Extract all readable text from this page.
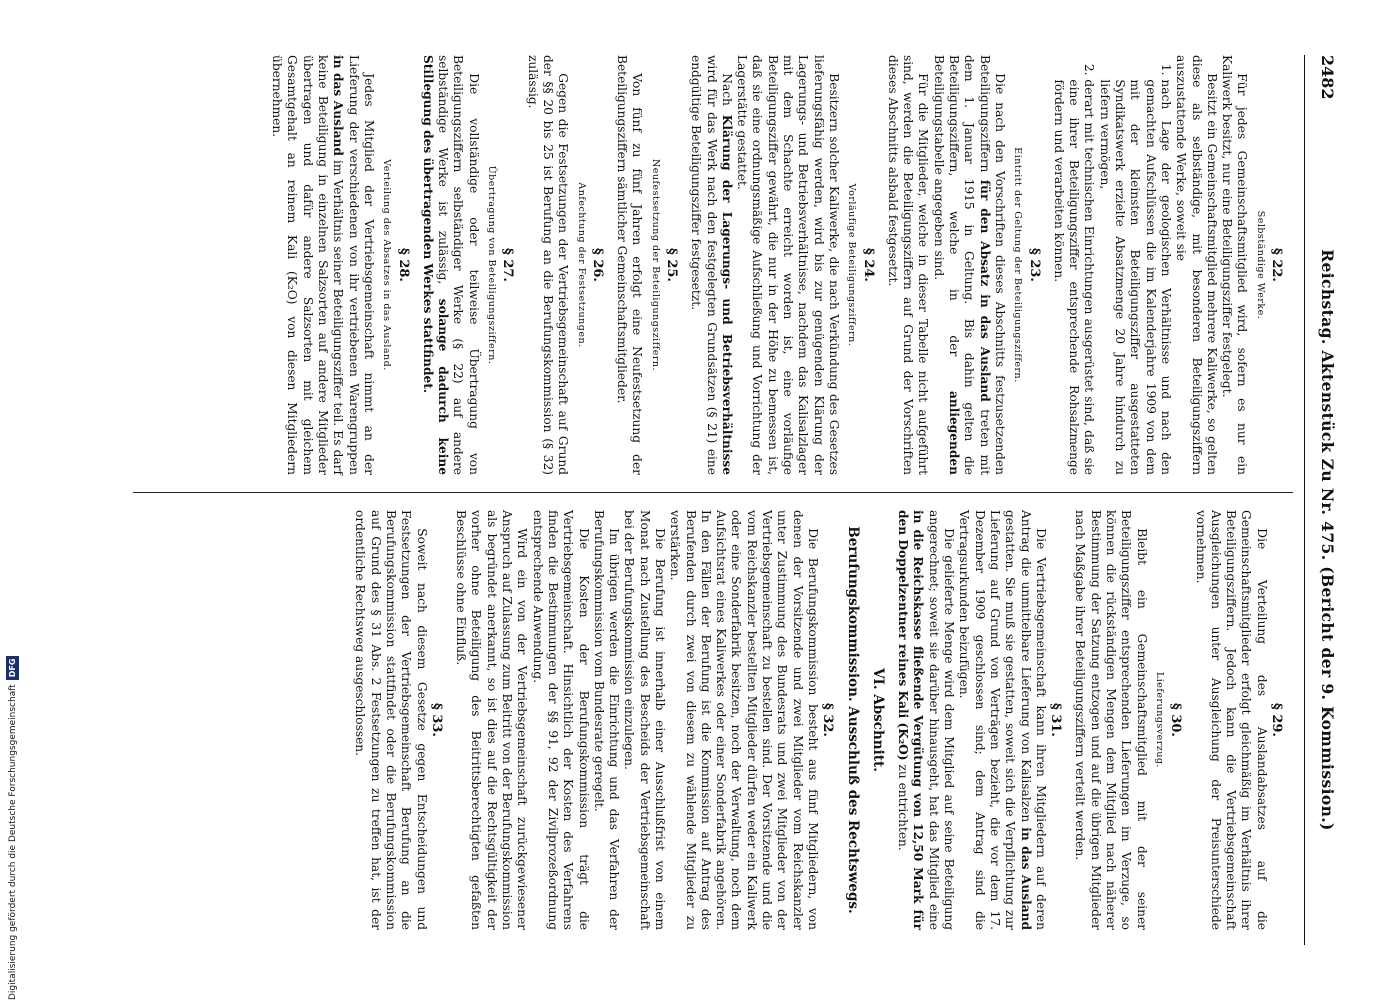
Digitalisierung gefördert durch die Deutsche Forschungsgemeinschaft
DFG
2482
Reichstag. Aktenstück Zu Nr. 475. (Bericht der 9. Kommission.)
§ 22.
Selbständige Werke.

Für jedes Gemeinschaftsmitglied wird, sofern es nur ein Kaliwerk besitzt, nur eine Beteiligungsziffer festgelegt.

Besitzt ein Gemeinschaftsmitglied mehrere Kaliwerke, so gelten diese als selbständige, mit besonderen Beteiligungsziffern auszustattende Werke, soweit sie

1. nach Lage der geologischen Verhältnisse und nach den gemachten Aufschlüssen die im Kalenderjahre 1909 von dem mit der kleinsten Beteiligungsziffer ausgestatteten Syndikatswerk erzielte Absatzmenge 20 Jahre hindurch zu liefern vermögen,
2. derart mit technischen Einrichtungen ausgerüstet sind, daß sie eine ihrer Beteiligungsziffer entsprechende Rohsalzmenge fördern und verarbeiten können.
§ 23.
Eintritt der Geltung der Beteiligungsziffern.

Die nach den Vorschriften dieses Abschnitts festzusetzenden Beteiligungsziffern für den Absatz in das Ausland treten mit dem 1. Januar 1915 in Geltung. Bis dahin gelten die Beteiligungsziffern, welche in der anliegenden Beteiligungstabelle angegeben sind.

Für die Mitglieder, welche in dieser Tabelle nicht aufgeführt sind, werden die Beteiligungsziffern auf Grund der Vorschriften dieses Abschnitts alsbald festgesetzt.

§ 24.
Vorläufige Beteiligungsziffern.

Besitzern solcher Kaliwerke, die nach Verkündung des Gesetzes lieferungsfähig werden, wird bis zur genügenden Klärung der Lagerungs- und Betriebsverhältnisse, nachdem das Kalisalzlager mit dem Schachte erreicht worden ist, eine vorläufige Beteiligungsziffer gewährt, die nur in der Höhe zu bemessen ist, daß sie eine ordnungsmäßige Aufschließung und Vorrichtung der Lagerstätte gestattet.

Nach Klärung der Lagerungs- und Betriebsverhältnisse wird für das Werk nach den festgelegten Grundsätzen (§ 21) eine endgültige Beteiligungsziffer festgesetzt.

§ 25.
Neufestsetzung der Beteiligungsziffern.

Von fünf zu fünf Jahren erfolgt eine Neufestsetzung der Beteiligungsziffern sämtlicher Gemeinschaftsmitglieder.

§ 26.
Anfechtung der Festsetzungen.

Gegen die Festsetzungen der Vertriebsgemeinschaft auf Grund der §§ 20 bis 25 ist Berufung an die Berufungskommission (§ 32) zulässig.

§ 27.
Übertragung von Beteiligungsziffern.

Die vollständige oder teilweise Übertragung von Beteiligungsziffern selbständiger Werke (§ 22) auf andere selbständige Werke ist zulässig, solange dadurch keine Stillegung des übertragenden Werkes stattfindet.

§ 28.
Verteilung des Absatzes in das Ausland.

Jedes Mitglied der Vertriebsgemeinschaft nimmt an der Lieferung der verschiedenen von ihr vertriebenen Warengruppen in das Ausland im Verhältnis seiner Beteiligungsziffer teil. Es darf keine Beteiligung in einzelnen Salzsorten auf andere Mitglieder übertragen und dafür andere Salzsorten mit gleichem Gesamtgehalt an reinem Kali (K₂O) von diesen Mitgliedern übernehmen.

§ 29.

Die Verteilung des Auslandabsatzes auf die Gemeinschaftsmitglieder erfolgt gleichmäßig im Verhältnis ihrer Beteiligungsziffern. Jedoch kann die Vertriebsgemeinschaft Ausgleichungen unter Ausgleichung der Preisunterschiede vornehmen.

§ 30.
Lieferungsverzug.

Bleibt ein Gemeinschaftsmitglied mit der seiner Beteiligungsziffer entsprechenden Lieferungen im Verzuge, so können die rückständigen Mengen dem Mitglied nach näherer Bestimmung der Satzung entzogen und auf die übrigen Mitglieder nach Maßgabe ihrer Beteiligungsziffern verteilt werden.

§ 31.

Die Vertriebsgemeinschaft kann ihren Mitgliedern auf deren Antrag die unmittelbare Lieferung von Kalisalzen in das Ausland gestatten. Sie muß sie gestatten, soweit sich die Verpflichtung zur Lieferung auf Grund von Verträgen bezieht, die vor dem 17. Dezember 1909 geschlossen sind; dem Antrag sind die Vertragsurkunden beizufügen.

Die gelieferte Menge wird dem Mitglied auf seine Beteiligung angerechnet; soweit sie darüber hinausgeht, hat das Mitglied eine in die Reichskasse fließende Vergütung von 12,50 Mark für den Doppelzentner reines Kali (K₂O) zu entrichten.

VI. Abschnitt.
Berufungskommission. Ausschluß des Rechtswegs.
§ 32.

Die Berufungskommission besteht aus fünf Mitgliedern, von denen der Vorsitzende und zwei Mitglieder vom Reichskanzler unter Zustimmung des Bundesrats und zwei Mitglieder von der Vertriebsgemeinschaft zu bestellen sind. Der Vorsitzende und die vom Reichskanzler bestellten Mitglieder dürfen weder ein Kaliwerk oder eine Sonderfabrik besitzen, noch der Verwaltung, noch dem Aufsichtsrat eines Kaliwerkes oder einer Sonderfabrik angehören. In den Fällen der Berufung ist die Kommission auf Antrag des Berufenden durch zwei von diesem zu wählende Mitglieder zu verstärken.

Die Berufung ist innerhalb einer Ausschlußfrist von einem Monat nach Zustellung des Bescheids der Vertriebsgemeinschaft bei der Berufungskommission einzulegen.

Im übrigen werden die Einrichtung und das Verfahren der Berufungskommission vom Bundesrate geregelt.

Die Kosten der Berufungskommission trägt die Vertriebsgemeinschaft. Hinsichtlich der Kosten des Verfahrens finden die Bestimmungen der §§ 91, 92 der Zivilprozeßordnung entsprechende Anwendung.

Wird ein von der Vertriebsgemeinschaft zurückgewiesener Anspruch auf Zulassung zum Beitritt von der Berufungskommission als begründet anerkannt, so ist dies auf die Rechtsgültigkeit der vorher ohne Beteiligung des Beitrittsberechtigten gefaßten Beschlüsse ohne Einfluß.

§ 33.

Soweit nach diesem Gesetze gegen Entscheidungen und Festsetzungen der Vertriebsgemeinschaft Berufung an die Berufungskommission stattfindet oder die Berufungskommission auf Grund des § 31 Abs. 2 Festsetzungen zu treffen hat, ist der ordentliche Rechtsweg ausgeschlossen.
